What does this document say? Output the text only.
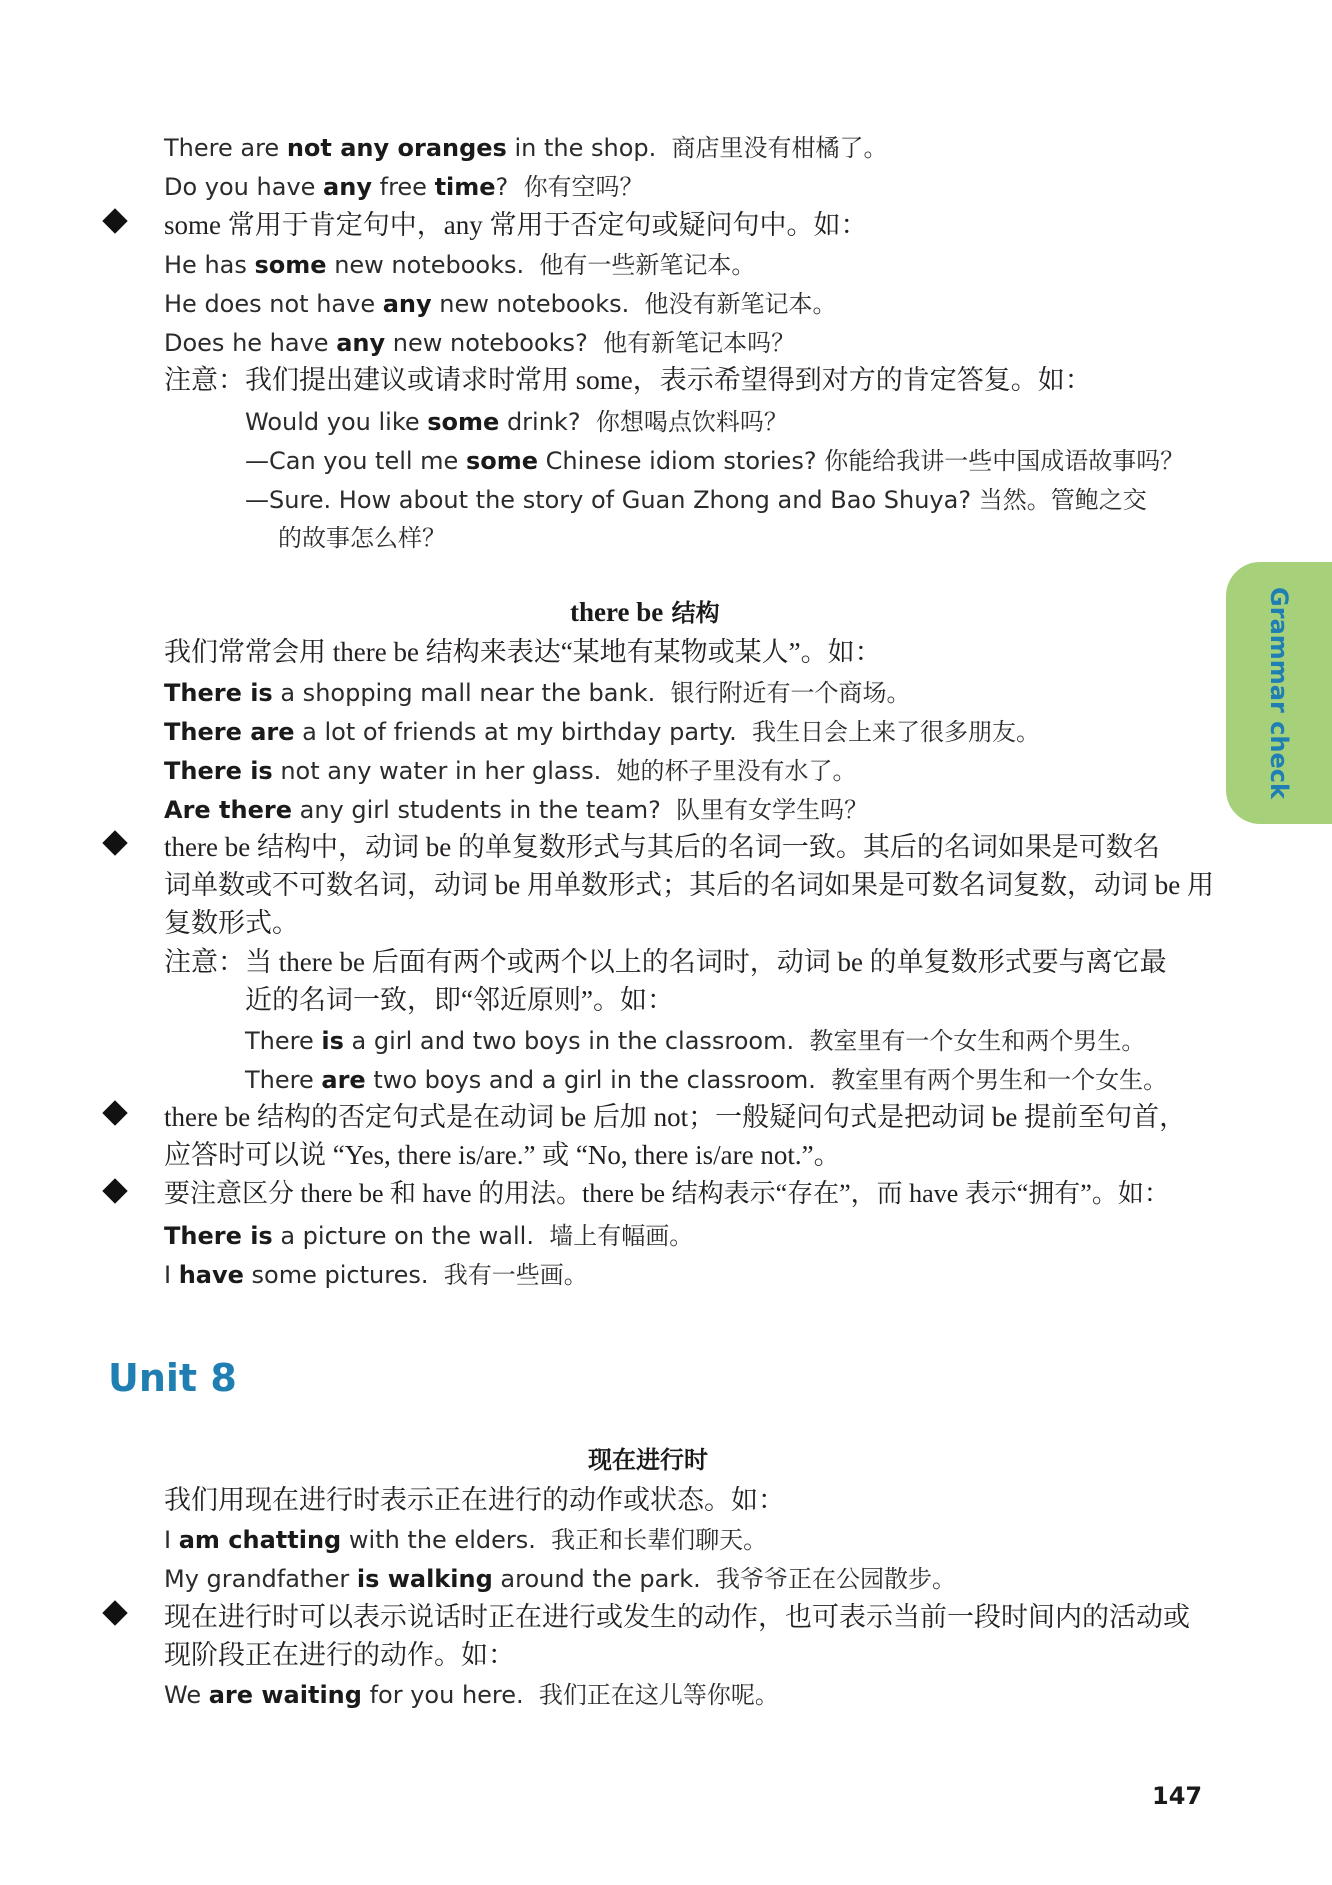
There are not any oranges in the shop. 商店里没有柑橘了。
Do you have any free time? 你有空吗？
some 常用于肯定句中，any 常用于否定句或疑问句中。如：
He has some new notebooks. 他有一些新笔记本。
He does not have any new notebooks. 他没有新笔记本。
Does he have any new notebooks? 他有新笔记本吗？
注意：我们提出建议或请求时常用 some，表示希望得到对方的肯定答复。如：
Would you like some drink? 你想喝点饮料吗？
—Can you tell me some Chinese idiom stories? 你能给我讲一些中国成语故事吗？
—Sure. How about the story of Guan Zhong and Bao Shuya? 当然。管鲍之交
的故事怎么样？
there be 结构
我们常常会用 there be 结构来表达“某地有某物或某人”。如：
There is a shopping mall near the bank. 银行附近有一个商场。
There are a lot of friends at my birthday party. 我生日会上来了很多朋友。
There is not any water in her glass. 她的杯子里没有水了。
Are there any girl students in the team? 队里有女学生吗？
there be 结构中，动词 be 的单复数形式与其后的名词一致。其后的名词如果是可数名
词单数或不可数名词，动词 be 用单数形式；其后的名词如果是可数名词复数，动词 be 用
复数形式。
注意：当 there be 后面有两个或两个以上的名词时，动词 be 的单复数形式要与离它最
近的名词一致，即“邻近原则”。如：
There is a girl and two boys in the classroom. 教室里有一个女生和两个男生。
There are two boys and a girl in the classroom. 教室里有两个男生和一个女生。
there be 结构的否定句式是在动词 be 后加 not；一般疑问句式是把动词 be 提前至句首，
应答时可以说 “Yes, there is/are.” 或 “No, there is/are not.”。
要注意区分 there be 和 have 的用法。there be 结构表示“存在”，而 have 表示“拥有”。如：
There is a picture on the wall. 墙上有幅画。
I have some pictures. 我有一些画。
Unit 8
现在进行时
我们用现在进行时表示正在进行的动作或状态。如：
I am chatting with the elders. 我正和长辈们聊天。
My grandfather is walking around the park. 我爷爷正在公园散步。
现在进行时可以表示说话时正在进行或发生的动作，也可表示当前一段时间内的活动或
现阶段正在进行的动作。如：
We are waiting for you here. 我们正在这儿等你呢。
Grammar check
147
